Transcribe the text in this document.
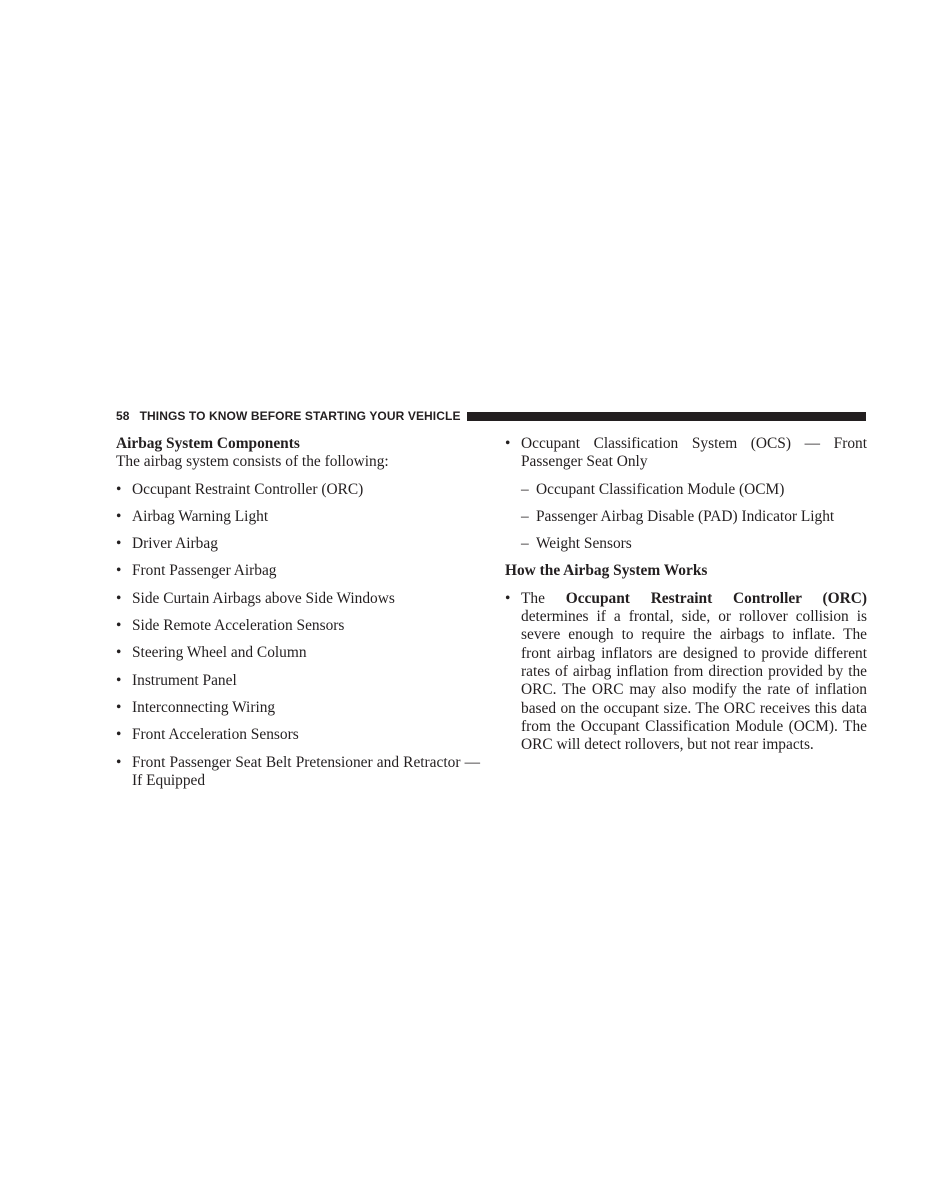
58 THINGS TO KNOW BEFORE STARTING YOUR VEHICLE

Airbag System Components

The airbag system consists of the following:

• Occupant Restraint Controller (ORC)
• Airbag Warning Light
• Driver Airbag
• Front Passenger Airbag
• Side Curtain Airbags above Side Windows
• Side Remote Acceleration Sensors
• Steering Wheel and Column
• Instrument Panel
• Interconnecting Wiring
• Front Acceleration Sensors
• Front Passenger Seat Belt Pretensioner and Retractor — If Equipped
• Occupant Classification System (OCS) — Front Passenger Seat Only
– Occupant Classification Module (OCM)
– Passenger Airbag Disable (PAD) Indicator Light
– Weight Sensors

How the Airbag System Works

• The Occupant Restraint Controller (ORC) determines if a frontal, side, or rollover collision is severe enough to require the airbags to inflate. The front airbag inflators are designed to provide different rates of airbag inflation from direction provided by the ORC. The ORC may also modify the rate of inflation based on the occupant size. The ORC receives this data from the Occupant Classification Module (OCM). The ORC will detect rollovers, but not rear impacts.
